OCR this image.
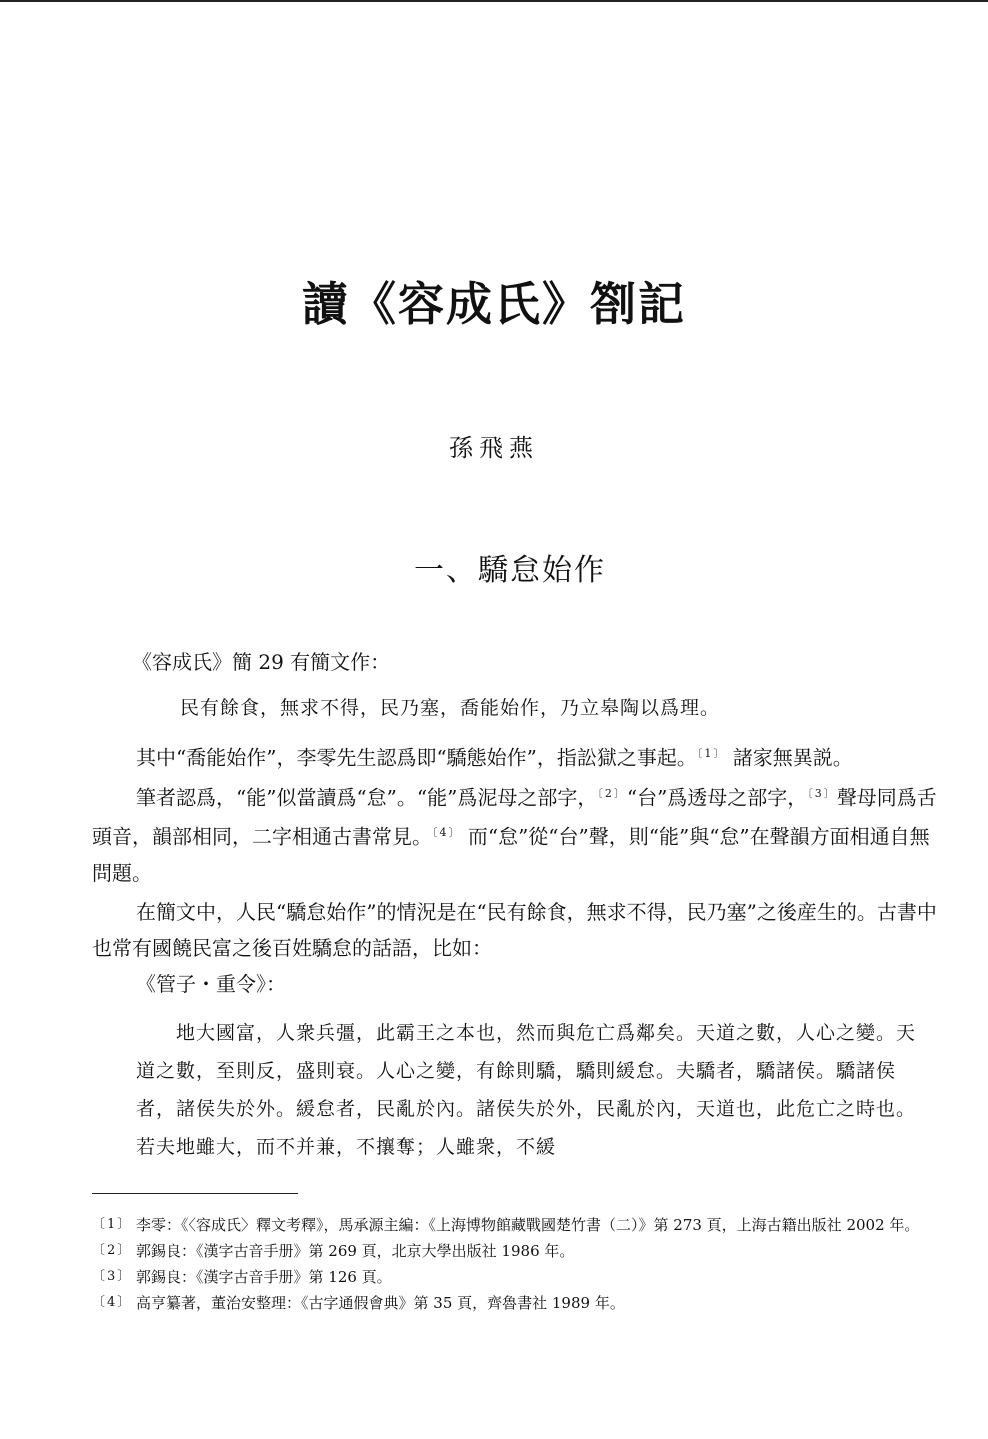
讀《容成氏》劄記
孫飛燕
一、驕怠始作
《容成氏》簡 29 有簡文作：
民有餘食，無求不得，民乃塞，喬能始作，乃立皋陶以爲理。
其中“喬能始作”，李零先生認爲即“驕態始作”，指訟獄之事起。$^{〔1〕}$ 諸家無異説。
筆者認爲，“能”似當讀爲“怠”。“能”爲泥母之部字，$^{〔2〕}$“台”爲透母之部字，$^{〔3〕}$聲母同爲舌頭音，韻部相同，二字相通古書常見。$^{〔4〕}$ 而“怠”從“台”聲，則“能”與“怠”在聲韻方面相通自無問題。
在簡文中，人民“驕怠始作”的情況是在“民有餘食，無求不得，民乃塞”之後産生的。古書中也常有國饒民富之後百姓驕怠的話語，比如：
《管子・重令》：
地大國富，人衆兵彊，此霸王之本也，然而與危亡爲鄰矣。天道之數，人心之變。天道之數，至則反，盛則衰。人心之變，有餘則驕，驕則緩怠。夫驕者，驕諸侯。驕諸侯者，諸侯失於外。緩怠者，民亂於內。諸侯失於外，民亂於內，天道也，此危亡之時也。若夫地雖大，而不并兼，不攘奪；人雖衆，不緩
〔1〕 李零：《〈容成氏〉釋文考釋》，馬承源主編：《上海博物館藏戰國楚竹書（二）》第 273 頁，上海古籍出版社 2002 年。
〔2〕 郭錫良：《漢字古音手册》第 269 頁，北京大學出版社 1986 年。
〔3〕 郭錫良：《漢字古音手册》第 126 頁。
〔4〕 高亨纂著，董治安整理：《古字通假會典》第 35 頁，齊魯書社 1989 年。
